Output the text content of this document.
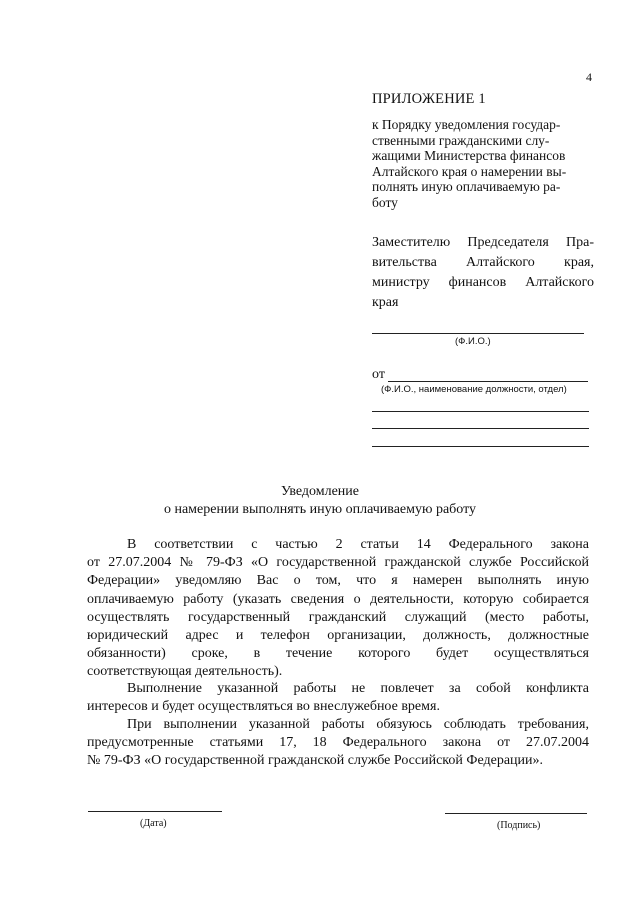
4
ПРИЛОЖЕНИЕ 1
к Порядку уведомления государ-
ственными гражданскими слу-
жащими Министерства финансов
Алтайского края о намерении вы-
полнять иную оплачиваемую ра-
боту
Заместителю Председателя Пра-
вительства Алтайского края,
министру финансов Алтайского
края
(Ф.И.О.)
от
(Ф.И.О., наименование должности, отдел)
Уведомление
о намерении выполнять иную оплачиваемую работу
В соответствии с частью 2 статьи 14 Федерального закона
от 27.07.2004 № 79-ФЗ «О государственной гражданской службе Российской
Федерации» уведомляю Вас о том, что я намерен выполнять иную
оплачиваемую работу (указать сведения о деятельности, которую собирается
осуществлять государственный гражданский служащий (место работы,
юридический адрес и телефон организации, должность, должностные
обязанности) сроке, в течение которого будет осуществляться
соответствующая деятельность).
Выполнение указанной работы не повлечет за собой конфликта
интересов и будет осуществляться во внеслужебное время.
При выполнении указанной работы обязуюсь соблюдать требования,
предусмотренные статьями 17, 18 Федерального закона от 27.07.2004
№ 79-ФЗ «О государственной гражданской службе Российской Федерации».
(Дата)	(Подпись)
